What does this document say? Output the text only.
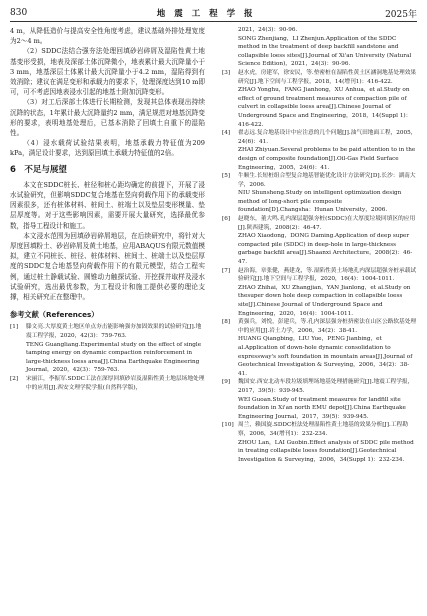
830	地 震 工 程 学 报	2025年

4 m，从降低造价与提高安全性角度考虑，建议基础外排处理宽度为2～4 m。

（2）SDDC法结合强夯法处理回填砂岩碎屑及湿陷性黄土地基变形受损，地表及深部土体沉降微小，地表累计最大沉降量小于3 mm，地基深层土体累计最大沉降量小于4.2 mm，湿陷得到有效消除；建议在满足变形和承载力的要求下，处理深度达到10 m即可，可不考虑因地表浸水引起的地基土附加沉降变形。

（3）对工后深部土体进行长期检测，发现其总体表现出持续沉降的状态，1年累计最大沉降量约2 mm，满足规范对地基沉降变形的要求，表明地基处理后，已基本消除了回填土自重下的湿陷性。

（4）浸水载荷试验结果表明，地基承载力特征值为209 kPa，满足设计要求，达到原回填土承载力特征值的2倍。

6　不足与展望

本文在SDDC桩长、桩径和桩心距均确定的前提下，开展了浸水试验研究，但影响SDDC复合地基在竖向荷载作用下的承载变形因素很多，还有桩体材料、桩间土、桩端土以及垫层变形模量、垫层厚度等。对于这些影响因素，需要开展大量研究，选择最优参数，指导工程设计和施工。

本文浸水范围为回填砂岩碎屑地层，在后续研究中，将针对大厚度回填粉土、砂岩碎屑及黄土地基，应用ABAQUS有限元数值模拟，建立不同桩长、桩径、桩体材料、桩间土、桩端土以及垫层厚度的SDDC复合地基竖向荷载作用下的有限元模型，结合工程实例，通过桩土静载试验、圆锥动力触探试验、开挖探井取样及浸水试验研究，选出最优参数，为工程设计和施工提供必要的理论支撑，相关研究正在整理中。

参考文献（References）
[1]	滕文亮.大厚度黄土地区单点夯击能影响强夯加固效果的试验研究[J].地震工程学报，2020，42(3)：759-763.
TENG Guangliang.Experimental study on the effect of single tamping energy on dynamic compaction reinforcement in large-thickness loess area[J].China Earthquake Engineering Journal，2020，42(3)：759-763.
[2]	宋丽江，李振军.SDDC工法在深厚回填砂岩及湿陷性黄土地层场地处理中的应用[J].西安文理学院学报(自然科学版)，
2021，24(3)：90-96.
SONG Zhenjiang，LI Zhenjun.Application of the SDDC method in the treatment of deep backfill sandstone and collapsible loess sites[J].Journal of Xi'an University (Natural Science Edition)，2021，24(3)：90-96.
[3]	赵水虎，房建军，徐安民，等.垫密桩在湿陷性黄土区涵洞地基处理效果研究[J].地下空间与工程学报，2018，14(增刊1)：416-422.
ZHAO Yonghu，FANG Jianhong，XU Anhua，et al.Study on effect of ground treatment measures of compaction pile of culvert in collapsible loess area[J].Chinese Journal of Underground Space and Engineering，2018，14(Suppl 1)：416-422.
[4]	翟志远.复合地基设计中应注意的几个问题[J].油气田地面工程，2005，24(6)：41.
ZHAI Zhiyuan.Several problems to be paid attention to in the design of composite foundation[J].Oil-Gas Field Surface Engineering，2005，24(6)：41.
[5]	牛顺生.长短桩组合型复合地基智能优化设计方法研究[D].长沙：湖南大学，2006.
NIU Shunsheng.Study on intelligent optimization design method of long-short pile composite foundation[D].Changsha：Hunan University，2006.
[6]	赵晓东，董大鸣.孔内深层超强夯桩(SDDC)在大厚度垃圾回填区的应用[J].陕西建筑，2008(2)：46-47.
ZHAO Xiaodong，DONG Daming.Application of deep super compacted pile (SDDC) in deep-hole in large-thickness garbage backfill area[J].Shaanxi Architecture，2008(2)：46-47.
[7]	赵治海，章张健，燕建龙，等.湿陷性黄土场地孔内深层超强夯桩承载试验研究[J].地下空间与工程学报，2020，16(4)：1004-1011.
ZHAO Zhihai，XU Zhangjian，YAN Jianlong，et al.Study on thesuper down hole deep compaction in collapsible loess site[J].Chinese Journal of Underground Space and Engineering，2020，16(4)：1004-1011.
[8]	黄强兵，刘悦，彭建兵，等.孔内深层强夯桩挤密法在山区公路软基处理中的应用[J].岩土力学，2006，34(2)：38-41.
HUANG Qiangbing，LIU Yue，PENG Jianbing，et al.Application of down-hole dynamic consolidation to expressway's soft foundation in mountain areas[J].Journal of Geotechnical Investigation & Surveying，2006，34(2)：38-41.
[9]	魏国安.西安北动车段垃圾填埋场地基处理措施研究[J].地震工程学报，2017，39(5)：939-945.
WEI Guoan.Study of treatment measures for landfill site foundation in Xi'an north EMU depot[J].China Earthquake Engineering Journal，2017，39(5)：939-945.
[10] 周兰，赖国旋.SDDC桩法处理湿陷性黄土地基的效果分析[J].工程勘察，2006，34(增刊1)：232-234.
ZHOU Lan，LAI Guobin.Effect analysis of SDDC pile method in treating collapsible loess foundation[J].Geotechnical Investigation & Surveying，2006，34(Suppl 1)：232-234.
